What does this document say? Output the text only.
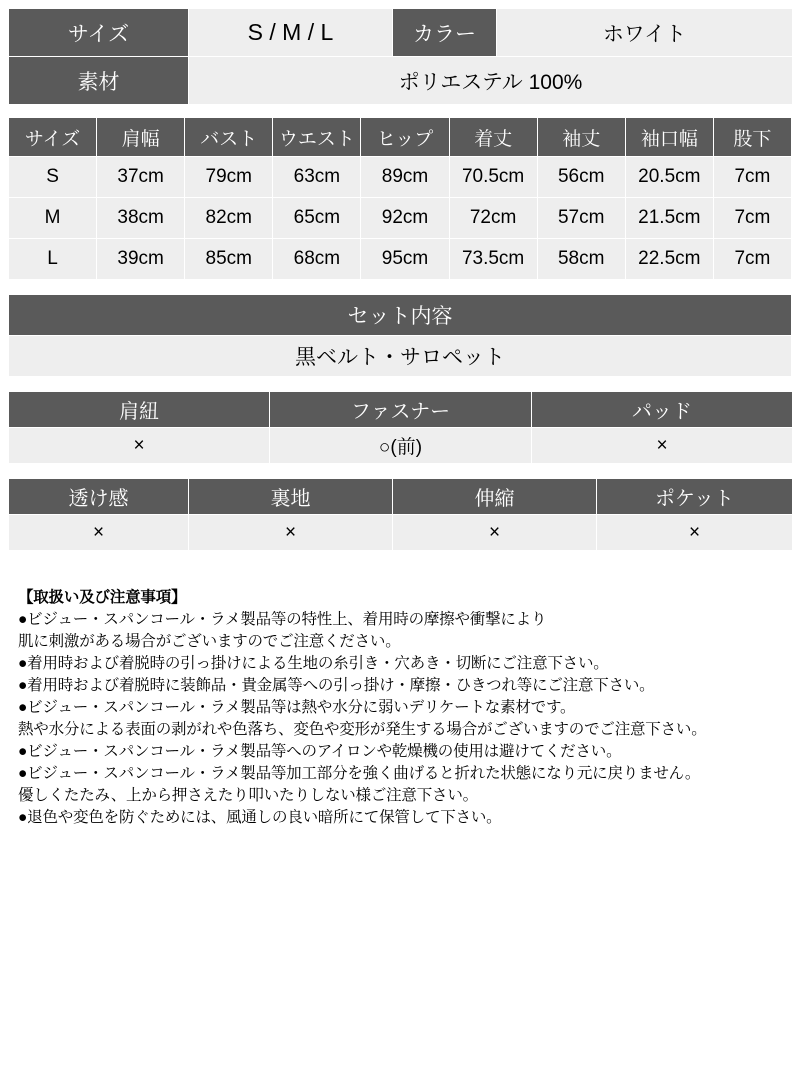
サイズ	S / M / L	カラー	ホワイト
素材	ポリエステル 100%		
サイズ	肩幅	バスト	ウエスト	ヒップ	着丈	袖丈	袖口幅	股下
S	37cm	79cm	63cm	89cm	70.5cm	56cm	20.5cm	7cm
M	38cm	82cm	65cm	92cm	72cm	57cm	21.5cm	7cm
L	39cm	85cm	68cm	95cm	73.5cm	58cm	22.5cm	7cm
セット内容
黒ベルト・サロペット
肩紐	ファスナー	パッド
×	○(前)	×
透け感	裏地	伸縮	ポケット
×	×	×	×
【取扱い及び注意事項】
●ビジュー・スパンコール・ラメ製品等の特性上、着用時の摩擦や衝撃により
肌に刺激がある場合がございますのでご注意ください。
●着用時および着脱時の引っ掛けによる生地の糸引き・穴あき・切断にご注意下さい。
●着用時および着脱時に装飾品・貴金属等への引っ掛け・摩擦・ひきつれ等にご注意下さい。
●ビジュー・スパンコール・ラメ製品等は熱や水分に弱いデリケートな素材です。
熱や水分による表面の剥がれや色落ち、変色や変形が発生する場合がございますのでご注意下さい。
●ビジュー・スパンコール・ラメ製品等へのアイロンや乾燥機の使用は避けてください。
●ビジュー・スパンコール・ラメ製品等加工部分を強く曲げると折れた状態になり元に戻りません。
優しくたたみ、上から押さえたり叩いたりしない様ご注意下さい。
●退色や変色を防ぐためには、風通しの良い暗所にて保管して下さい。
